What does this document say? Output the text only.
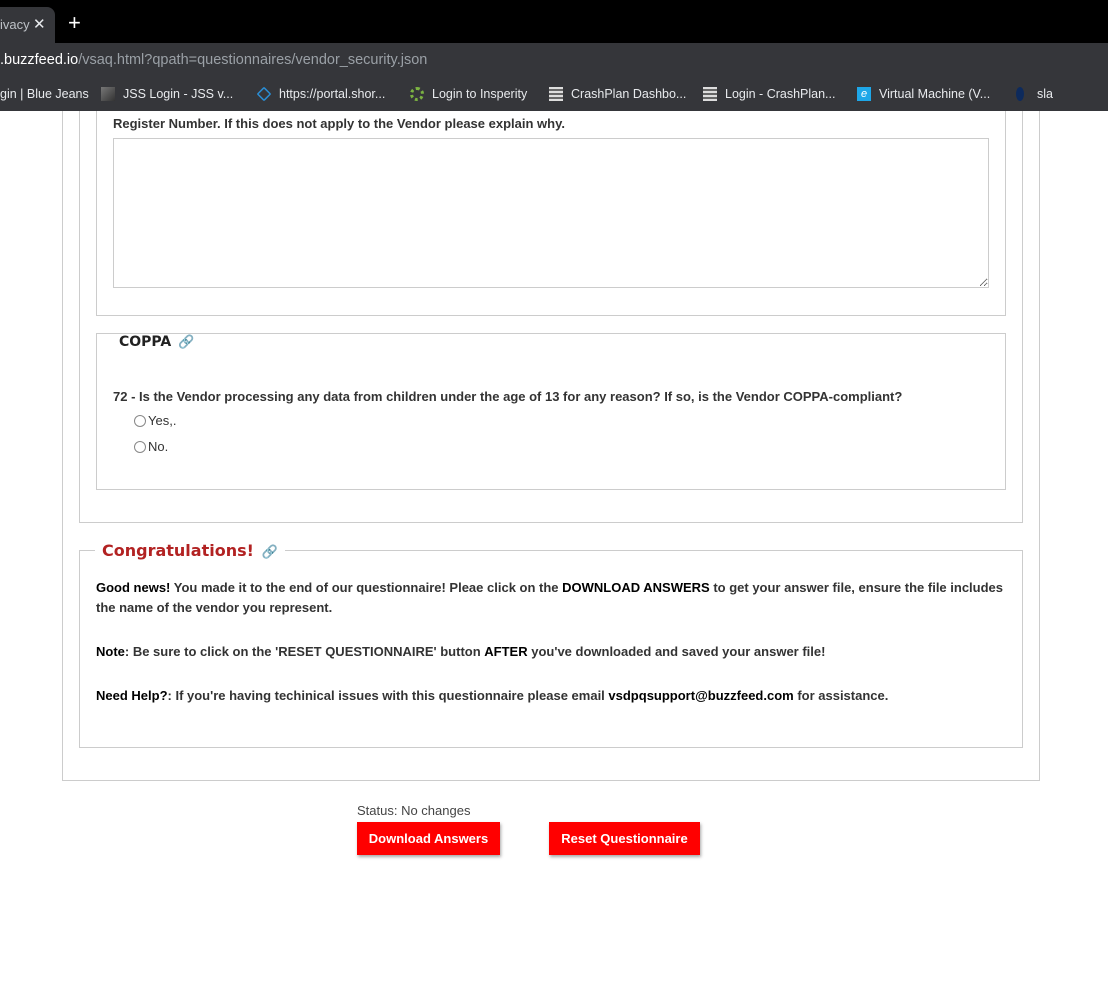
ivacy ✕ +
.buzzfeed.io/vsaq.html?qpath=questionnaires/vendor_security.json
gin | Blue Jeans	JSS Login - JSS v...	https://portal.shor...	Login to Insperity	CrashPlan Dashbo...	Login - CrashPlan...	e Virtual Machine (V...	sla
Register Number. If this does not apply to the Vendor please explain why.
COPPA 🔗
72 - Is the Vendor processing any data from children under the age of 13 for any reason? If so, is the Vendor COPPA-compliant?
Yes,.
No.
Congratulations! 🔗
Good news! You made it to the end of our questionnaire! Pleae click on the DOWNLOAD ANSWERS to get your answer file, ensure the file includes the name of the vendor you represent.
Note: Be sure to click on the 'RESET QUESTIONNAIRE' button AFTER you've downloaded and saved your answer file!
Need Help?: If you're having techinical issues with this questionnaire please email vsdpqsupport@buzzfeed.com for assistance.
Status: No changes
Download Answers	Reset Questionnaire
